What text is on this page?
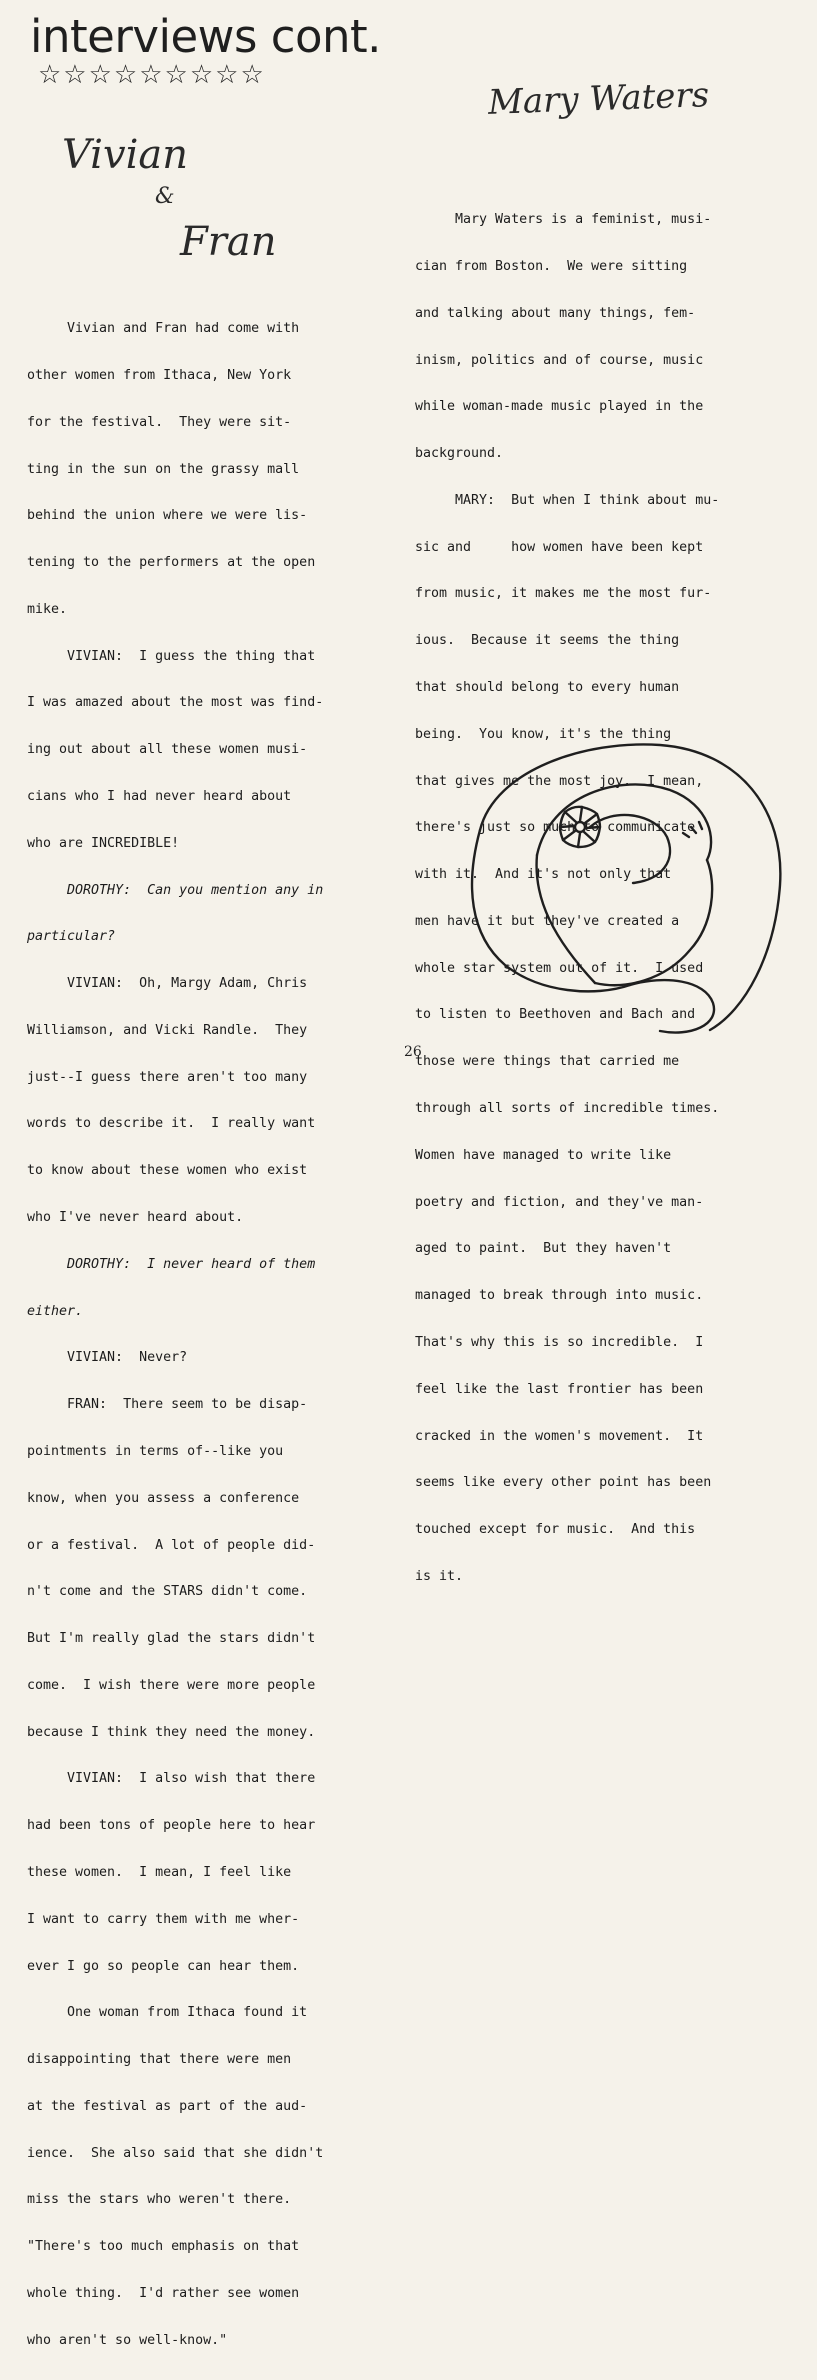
interviews cont.
☆☆☆☆☆☆☆☆☆
Mary Waters
Vivian
&
Fran

Vivian and Fran had come with

other women from Ithaca, New York

for the festival.  They were sit-

ting in the sun on the grassy mall

behind the union where we were lis-

tening to the performers at the open

mike.

VIVIAN:  I guess the thing that

I was amazed about the most was find-

ing out about all these women musi-

cians who I had never heard about

who are INCREDIBLE!

DOROTHY:  Can you mention any in

particular?

VIVIAN:  Oh, Margy Adam, Chris

Williamson, and Vicki Randle.  They

just--I guess there aren't too many

words to describe it.  I really want

to know about these women who exist

who I've never heard about.

DOROTHY:  I never heard of them

either.

VIVIAN:  Never?

FRAN:  There seem to be disap-

pointments in terms of--like you

know, when you assess a conference

or a festival.  A lot of people did-

n't come and the STARS didn't come.

But I'm really glad the stars didn't

come.  I wish there were more people

because I think they need the money.

VIVIAN:  I also wish that there

had been tons of people here to hear

these women.  I mean, I feel like

I want to carry them with me wher-

ever I go so people can hear them.

One woman from Ithaca found it

disappointing that there were men

at the festival as part of the aud-

ience.  She also said that she didn't

miss the stars who weren't there.

"There's too much emphasis on that

whole thing.  I'd rather see women

who aren't so well-know."

Mary Waters is a feminist, musi-

cian from Boston.  We were sitting

and talking about many things, fem-

inism, politics and of course, music

while woman-made music played in the

background.

MARY:  But when I think about mu-

sic and     how women have been kept

from music, it makes me the most fur-

ious.  Because it seems the thing

that should belong to every human

being.  You know, it's the thing

that gives me the most joy.  I mean,

there's just so much to communicate

with it.  And it's not only that

men have it but they've created a

whole star system out of it.  I used

to listen to Beethoven and Bach and

those were things that carried me

through all sorts of incredible times.

Women have managed to write like

poetry and fiction, and they've man-

aged to paint.  But they haven't

managed to break through into music.

That's why this is so incredible.  I

feel like the last frontier has been

cracked in the women's movement.  It

seems like every other point has been

touched except for music.  And this

is it.

26
